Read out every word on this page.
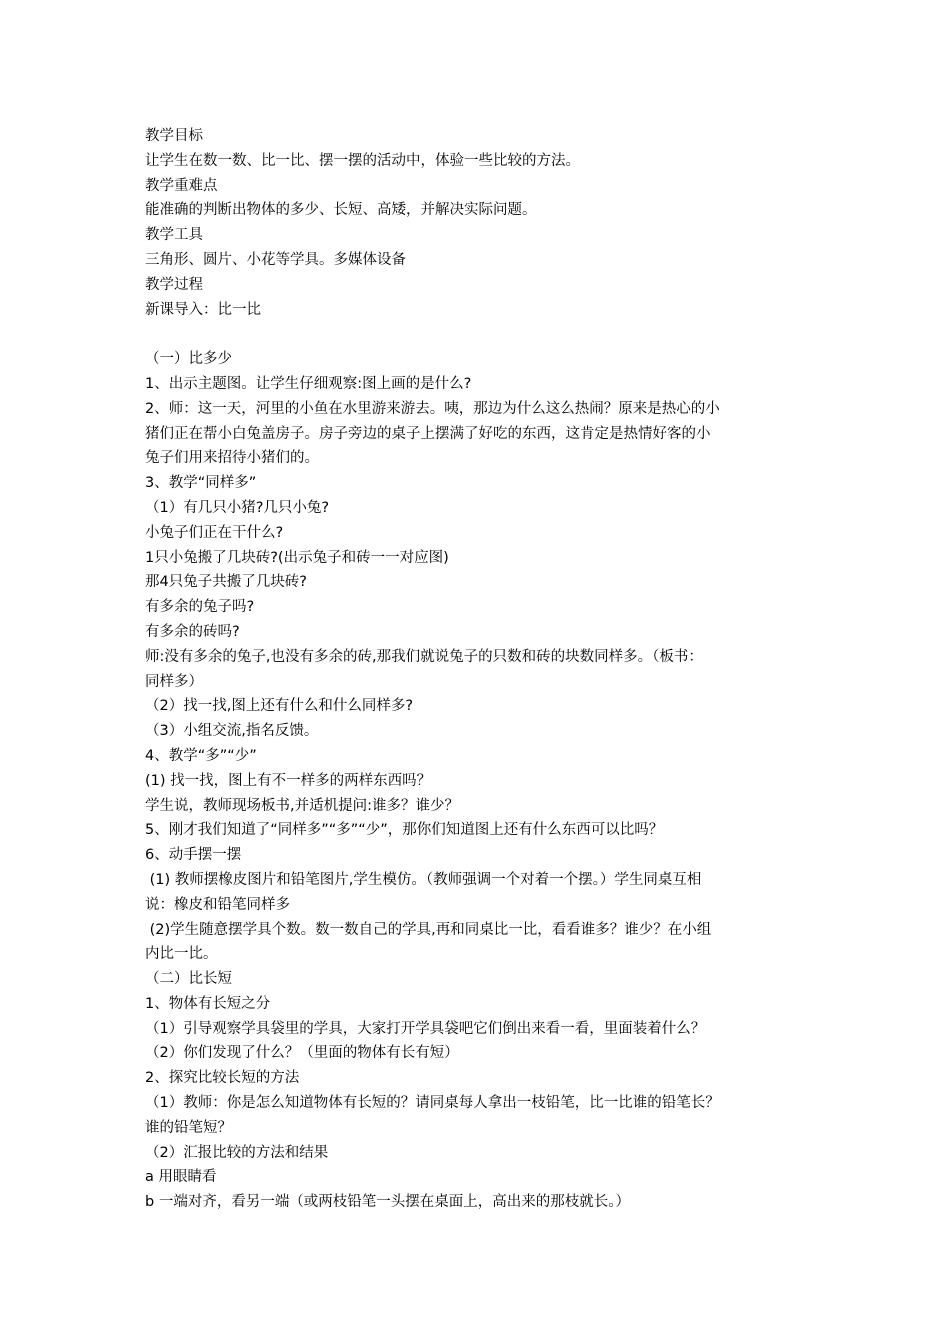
教学目标

让学生在数一数、比一比、摆一摆的活动中，体验一些比较的方法。

教学重难点

能准确的判断出物体的多少、长短、高矮，并解决实际问题。

教学工具

三角形、圆片、小花等学具。多媒体设备

教学过程

新课导入：比一比

（一）比多少

1、出示主题图。让学生仔细观察:图上画的是什么?

2、师：这一天，河里的小鱼在水里游来游去。咦，那边为什么这么热闹？原来是热心的小

猪们正在帮小白兔盖房子。房子旁边的桌子上摆满了好吃的东西，这肯定是热情好客的小

兔子们用来招待小猪们的。

3、教学“同样多”

（1）有几只小猪?几只小兔?

小兔子们正在干什么?

1只小兔搬了几块砖?(出示兔子和砖一一对应图)

那4只兔子共搬了几块砖?

有多余的兔子吗?

有多余的砖吗?

师:没有多余的兔子,也没有多余的砖,那我们就说兔子的只数和砖的块数同样多。（板书：

同样多）

（2）找一找,图上还有什么和什么同样多?

（3）小组交流,指名反馈。

4、教学“多”“少”

(1) 找一找，图上有不一样多的两样东西吗？

学生说，教师现场板书,并适机提问:谁多？谁少？

5、刚才我们知道了“同样多”“多”“少”，那你们知道图上还有什么东西可以比吗？

6、动手摆一摆

(1) 教师摆橡皮图片和铅笔图片,学生模仿。（教师强调一个对着一个摆。）学生同桌互相

说：橡皮和铅笔同样多

(2)学生随意摆学具个数。数一数自己的学具,再和同桌比一比，看看谁多？谁少？在小组

内比一比。

（二）比长短

1、物体有长短之分

（1）引导观察学具袋里的学具，大家打开学具袋吧它们倒出来看一看，里面装着什么？

（2）你们发现了什么？（里面的物体有长有短）

2、探究比较长短的方法

（1）教师：你是怎么知道物体有长短的？请同桌每人拿出一枝铅笔，比一比谁的铅笔长？

谁的铅笔短？

（2）汇报比较的方法和结果

a 用眼睛看

b 一端对齐，看另一端（或两枝铅笔一头摆在桌面上，高出来的那枝就长。）
